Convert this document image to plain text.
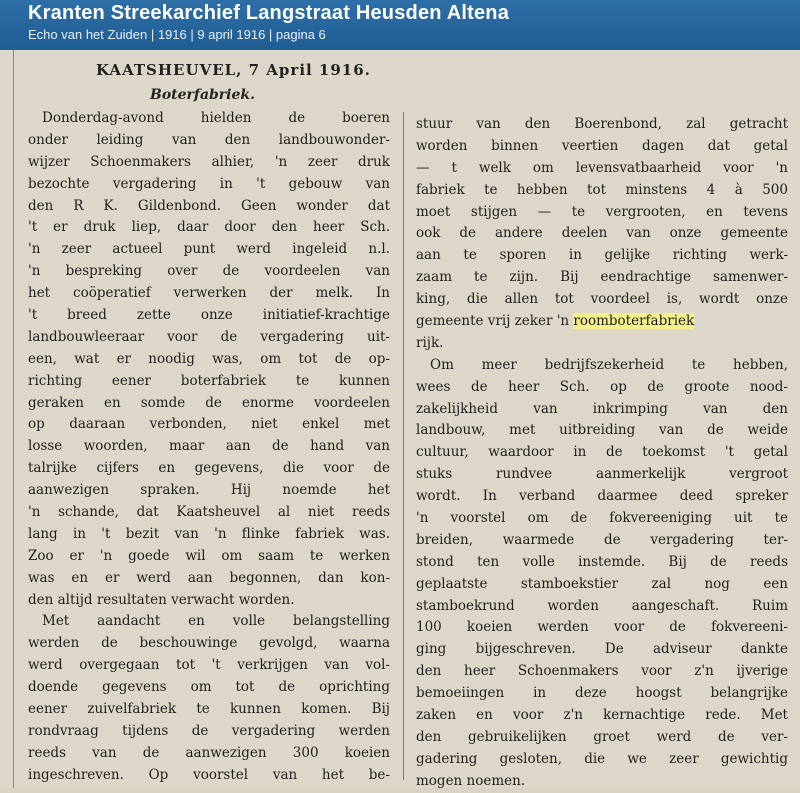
Kranten Streekarchief Langstraat Heusden Altena
Echo van het Zuiden | 1916 | 9 april 1916 | pagina 6
KAATSHEUVEL, 7 April 1916.
Boterfabriek.
Donderdag-avond hielden de boeren
onder leiding van den landbouwonder-
wijzer Schoenmakers alhier, 'n zeer druk
bezochte vergadering in 't gebouw van
den R K. Gildenbond. Geen wonder dat
't er druk liep, daar door den heer Sch.
'n zeer actueel punt werd ingeleid n.l.
'n bespreking over de voordeelen van
het coöperatief verwerken der melk. In
't breed zette onze initiatief-krachtige
landbouwleeraar voor de vergadering uit-
een, wat er noodig was, om tot de op-
richting eener boterfabriek te kunnen
geraken en somde de enorme voordeelen
op daaraan verbonden, niet enkel met
losse woorden, maar aan de hand van
talrijke cijfers en gegevens, die voor de
aanwezigen spraken. Hij noemde het
'n schande, dat Kaatsheuvel al niet reeds
lang in 't bezit van 'n flinke fabriek was.
Zoo er 'n goede wil om saam te werken
was en er werd aan begonnen, dan kon-
den altijd resultaten verwacht worden.
Met aandacht en volle belangstelling
werden de beschouwinge gevolgd, waarna
werd overgegaan tot 't verkrijgen van vol-
doende gegevens om tot de oprichting
eener zuivelfabriek te kunnen komen. Bij
rondvraag tijdens de vergadering werden
reeds van de aanwezigen 300 koeien
ingeschreven. Op voorstel van het be-
stuur van den Boerenbond, zal getracht
worden binnen veertien dagen dat getal
— t welk om levensvatbaarheid voor 'n
fabriek te hebben tot minstens 4 à 500
moet stijgen — te vergrooten, en tevens
ook de andere deelen van onze gemeente
aan te sporen in gelijke richting werk-
zaam te zijn. Bij eendrachtige samenwer-
king, die allen tot voordeel is, wordt onze
gemeente vrij zeker 'n roomboterfabriek
rijk.
Om meer bedrijfszekerheid te hebben,
wees de heer Sch. op de groote nood-
zakelijkheid van inkrimping van den
landbouw, met uitbreiding van de weide
cultuur, waardoor in de toekomst 't getal
stuks rundvee aanmerkelijk vergroot
wordt. In verband daarmee deed spreker
'n voorstel om de fokvereeniging uit te
breiden, waarmede de vergadering ter-
stond ten volle instemde. Bij de reeds
geplaatste stamboekstier zal nog een
stamboekrund worden aangeschaft. Ruim
100 koeien werden voor de fokvereeni-
ging bijgeschreven. De adviseur dankte
den heer Schoenmakers voor z'n ijverige
bemoeiingen in deze hoogst belangrijke
zaken en voor z'n kernachtige rede. Met
den gebruikelijken groet werd de ver-
gadering gesloten, die we zeer gewichtig
mogen noemen.
